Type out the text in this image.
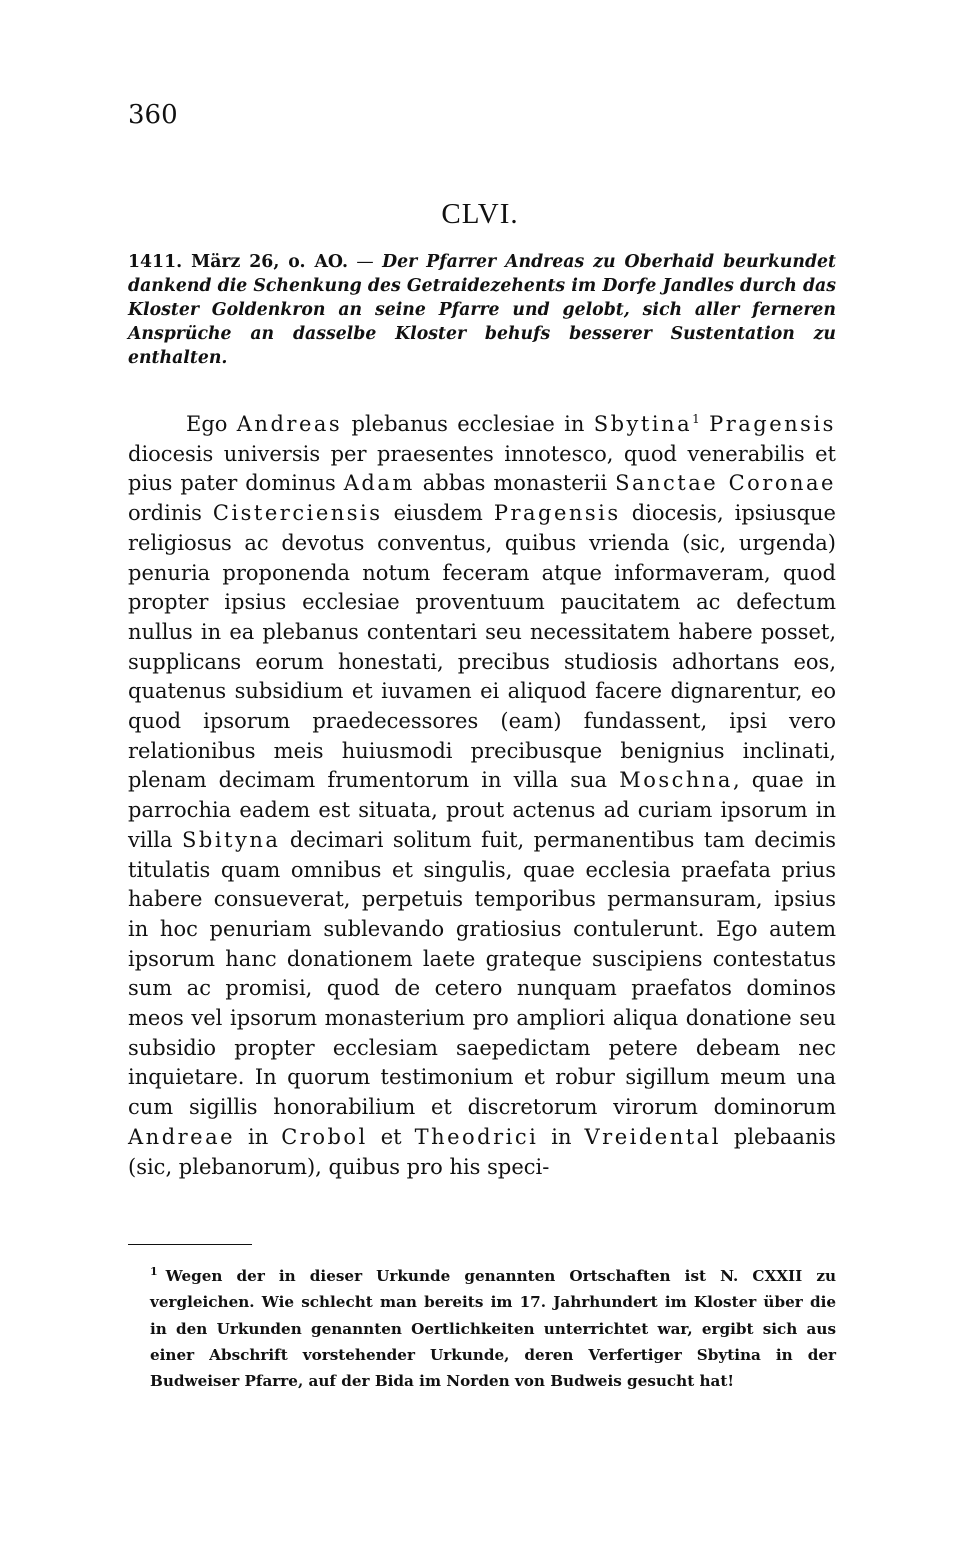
360
CLVI.
1411. März 26, o. AO. — Der Pfarrer Andreas zu Oberhaid beurkundet dankend die Schenkung des Getraidezehents im Dorfe Jandles durch das Kloster Goldenkron an seine Pfarre und gelobt, sich aller ferneren Ansprüche an dasselbe Kloster behufs besserer Sustentation zu enthalten.

Ego Andreas plebanus ecclesiae in Sbytina$^1$ Pragensis diocesis universis per praesentes innotesco, quod venerabilis et pius pater dominus Adam abbas monasterii Sanctae Coronae ordinis Cisterciensis eiusdem Pragensis diocesis, ipsiusque religiosus ac devotus conventus, quibus vrienda (sic, urgenda) penuria proponenda notum feceram atque informaveram, quod propter ipsius ecclesiae proventuum paucitatem ac defectum nullus in ea plebanus contentari seu necessitatem habere posset, supplicans eorum honestati, precibus studiosis adhortans eos, quatenus subsidium et iuvamen ei aliquod facere dignarentur, eo quod ipsorum praedecessores (eam) fundassent, ipsi vero relationibus meis huiusmodi precibusque benignius inclinati, plenam decimam frumentorum in villa sua Moschna, quae in parrochia eadem est situata, prout actenus ad curiam ipsorum in villa Sbityna decimari solitum fuit, permanentibus tam decimis titulatis quam omnibus et singulis, quae ecclesia praefata prius habere consueverat, perpetuis temporibus permansuram, ipsius in hoc penuriam sublevando gratiosius contulerunt. Ego autem ipsorum hanc donationem laete grateque suscipiens contestatus sum ac promisi, quod de cetero nunquam praefatos dominos meos vel ipsorum monasterium pro ampliori aliqua donatione seu subsidio propter ecclesiam saepedictam petere debeam nec inquietare. In quorum testimonium et robur sigillum meum una cum sigillis honorabilium et discretorum virorum dominorum Andreae in Crobol et Theodrici in Vreidental plebaanis (sic, plebanorum), quibus pro his speci-

$^1$ Wegen der in dieser Urkunde genannten Ortschaften ist N. CXXII zu vergleichen. Wie schlecht man bereits im 17. Jahrhundert im Kloster über die in den Urkunden genannten Oertlichkeiten unterrichtet war, ergibt sich aus einer Abschrift vorstehender Urkunde, deren Verfertiger Sbytina in der Budweiser Pfarre, auf der Bida im Norden von Budweis gesucht hat!
